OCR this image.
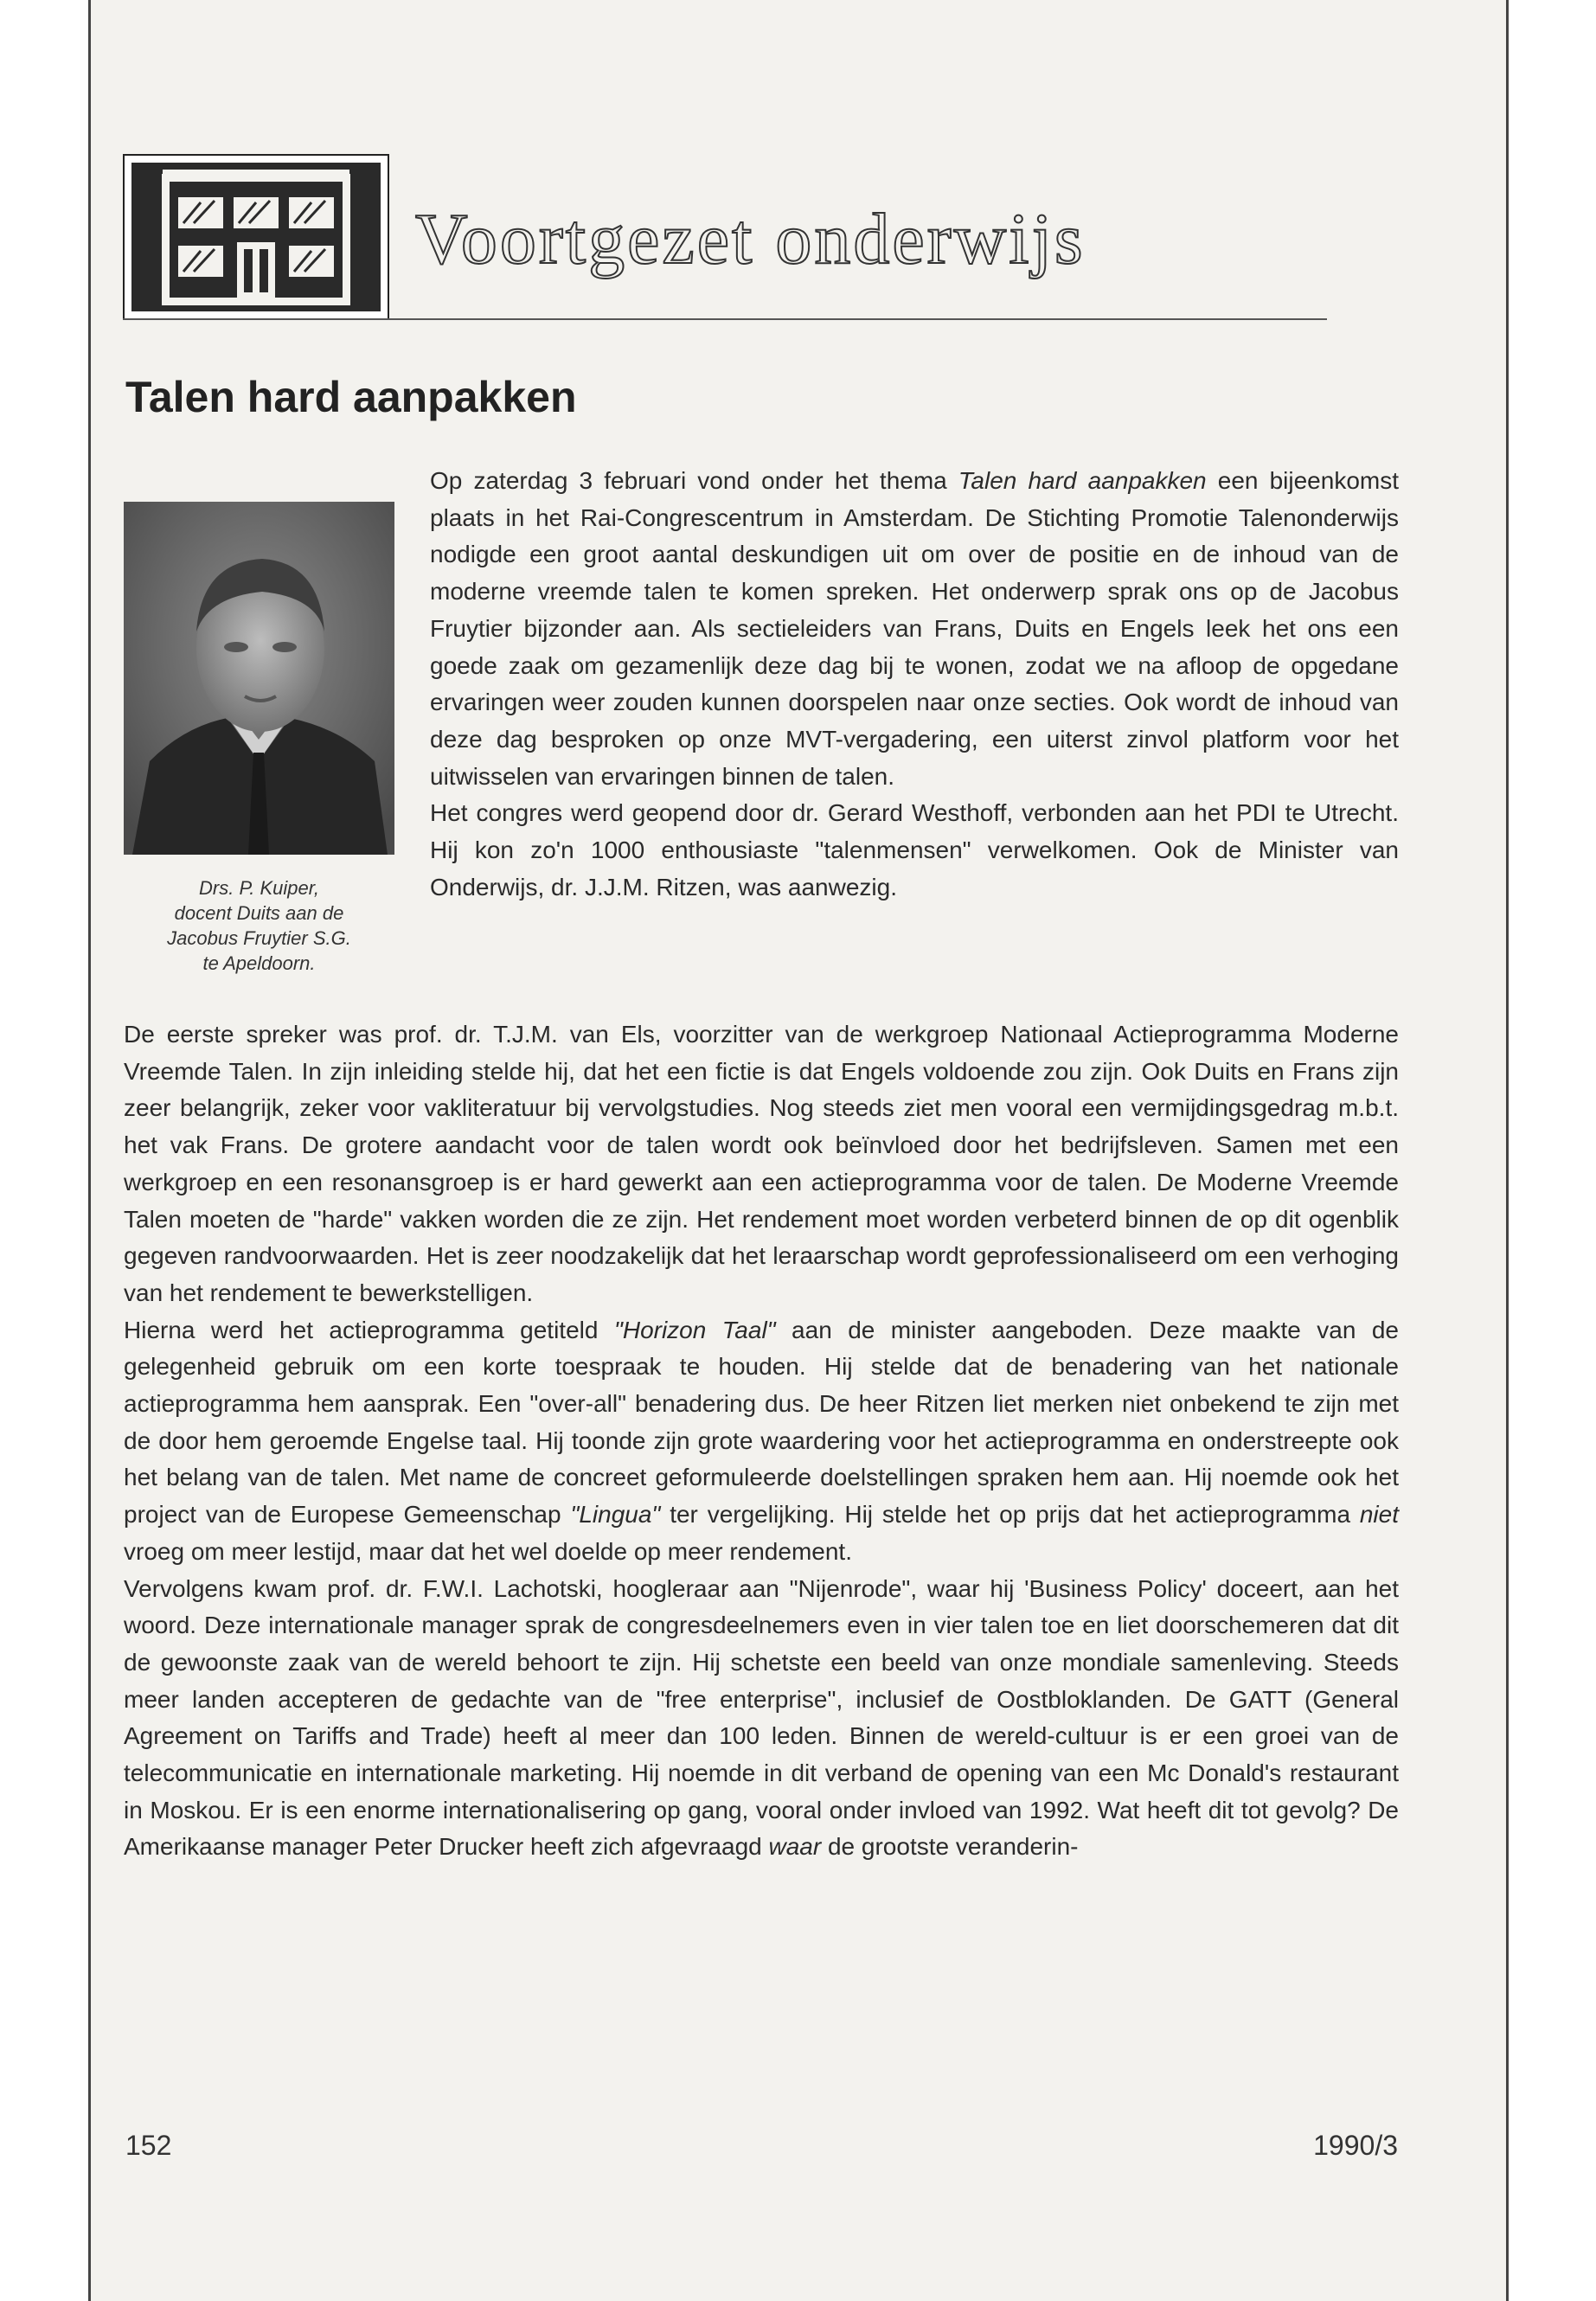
Voortgezet onderwijs
Talen hard aanpakken
Drs. P. Kuiper,
docent Duits aan de
Jacobus Fruytier S.G.
te Apeldoorn.

Op zaterdag 3 februari vond onder het thema Talen hard aanpakken een bijeenkomst plaats in het Rai-Congrescentrum in Amsterdam. De Stichting Promotie Talenonderwijs nodigde een groot aantal deskundigen uit om over de positie en de inhoud van de moderne vreemde talen te komen spreken. Het onderwerp sprak ons op de Jacobus Fruytier bijzonder aan. Als sectieleiders van Frans, Duits en Engels leek het ons een goede zaak om gezamenlijk deze dag bij te wonen, zodat we na afloop de opgedane ervaringen weer zouden kunnen doorspelen naar onze secties. Ook wordt de inhoud van deze dag besproken op onze MVT-vergadering, een uiterst zinvol platform voor het uitwisselen van ervaringen binnen de talen.

Het congres werd geopend door dr. Gerard Westhoff, verbonden aan het PDI te Utrecht. Hij kon zo'n 1000 enthousiaste "talenmensen" verwelkomen. Ook de Minister van Onderwijs, dr. J.J.M. Ritzen, was aanwezig.

De eerste spreker was prof. dr. T.J.M. van Els, voorzitter van de werkgroep Nationaal Actieprogramma Moderne Vreemde Talen. In zijn inleiding stelde hij, dat het een fictie is dat Engels voldoende zou zijn. Ook Duits en Frans zijn zeer belangrijk, zeker voor vakliteratuur bij vervolgstudies. Nog steeds ziet men vooral een vermijdingsgedrag m.b.t. het vak Frans. De grotere aandacht voor de talen wordt ook beïnvloed door het bedrijfsleven. Samen met een werkgroep en een resonansgroep is er hard gewerkt aan een actieprogramma voor de talen. De Moderne Vreemde Talen moeten de "harde" vakken worden die ze zijn. Het rendement moet worden verbeterd binnen de op dit ogenblik gegeven randvoorwaarden. Het is zeer noodzakelijk dat het leraarschap wordt geprofessionaliseerd om een verhoging van het rendement te bewerkstelligen.

Hierna werd het actieprogramma getiteld "Horizon Taal" aan de minister aangeboden. Deze maakte van de gelegenheid gebruik om een korte toespraak te houden. Hij stelde dat de benadering van het nationale actieprogramma hem aansprak. Een "over-all" benadering dus. De heer Ritzen liet merken niet onbekend te zijn met de door hem geroemde Engelse taal. Hij toonde zijn grote waardering voor het actieprogramma en onderstreepte ook het belang van de talen. Met name de concreet geformuleerde doelstellingen spraken hem aan. Hij noemde ook het project van de Europese Gemeenschap "Lingua" ter vergelijking. Hij stelde het op prijs dat het actieprogramma niet vroeg om meer lestijd, maar dat het wel doelde op meer rendement.

Vervolgens kwam prof. dr. F.W.I. Lachotski, hoogleraar aan "Nijenrode", waar hij 'Business Policy' doceert, aan het woord. Deze internationale manager sprak de congresdeelnemers even in vier talen toe en liet doorschemeren dat dit de gewoonste zaak van de wereld behoort te zijn. Hij schetste een beeld van onze mondiale samenleving. Steeds meer landen accepteren de gedachte van de "free enterprise", inclusief de Oostbloklanden. De GATT (General Agreement on Tariffs and Trade) heeft al meer dan 100 leden. Binnen de wereld-cultuur is er een groei van de telecommunicatie en internationale marketing. Hij noemde in dit verband de opening van een Mc Donald's restaurant in Moskou. Er is een enorme internationalisering op gang, vooral onder invloed van 1992. Wat heeft dit tot gevolg? De Amerikaanse manager Peter Drucker heeft zich afgevraagd waar de grootste veranderin-

152	1990/3
